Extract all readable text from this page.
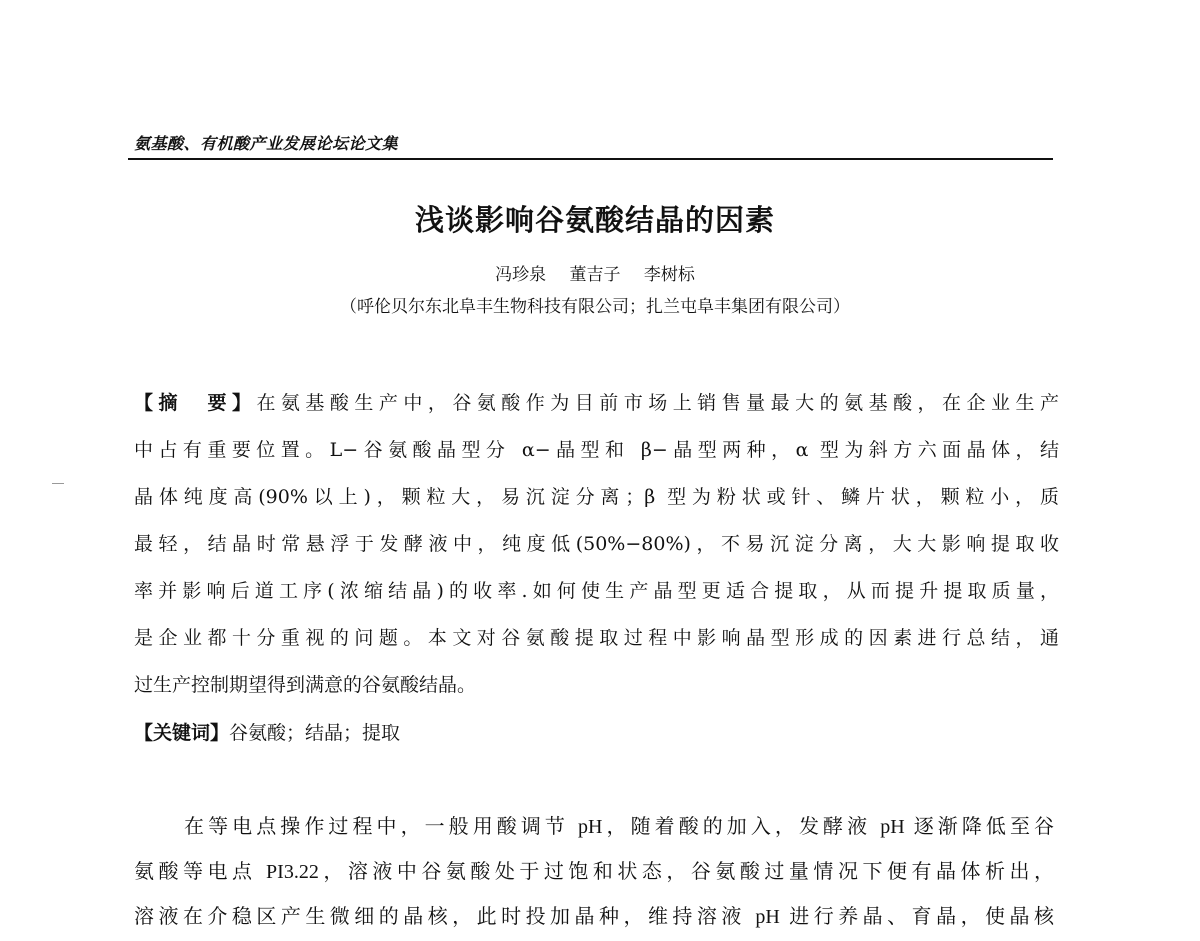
氨基酸、有机酸产业发展论坛论文集
浅谈影响谷氨酸结晶的因素
冯珍泉 董吉子 李树标
（呼伦贝尔东北阜丰生物科技有限公司；扎兰屯阜丰集团有限公司）
【摘　要】在氨基酸生产中，谷氨酸作为目前市场上销售量最大的氨基酸，在企业生产
中占有重要位置。L−谷氨酸晶型分 α−晶型和 β−晶型两种，α 型为斜方六面晶体，结
晶体纯度高(90%以上)，颗粒大，易沉淀分离；β 型为粉状或针、鳞片状，颗粒小，质
最轻，结晶时常悬浮于发酵液中，纯度低(50%−80%)，不易沉淀分离，大大影响提取收
率并影响后道工序(浓缩结晶)的收率.如何使生产晶型更适合提取，从而提升提取质量，
是企业都十分重视的问题。本文对谷氨酸提取过程中影响晶型形成的因素进行总结，通
过生产控制期望得到满意的谷氨酸结晶。
【关键词】谷氨酸；结晶；提取
在等电点操作过程中，一般用酸调节 pH，随着酸的加入，发酵液 pH 逐渐降低至谷
氨酸等电点 PI3.22，溶液中谷氨酸处于过饱和状态，谷氨酸过量情况下便有晶体析出，
溶液在介稳区产生微细的晶核，此时投加晶种，维持溶液 pH 进行养晶、育晶，使晶核
